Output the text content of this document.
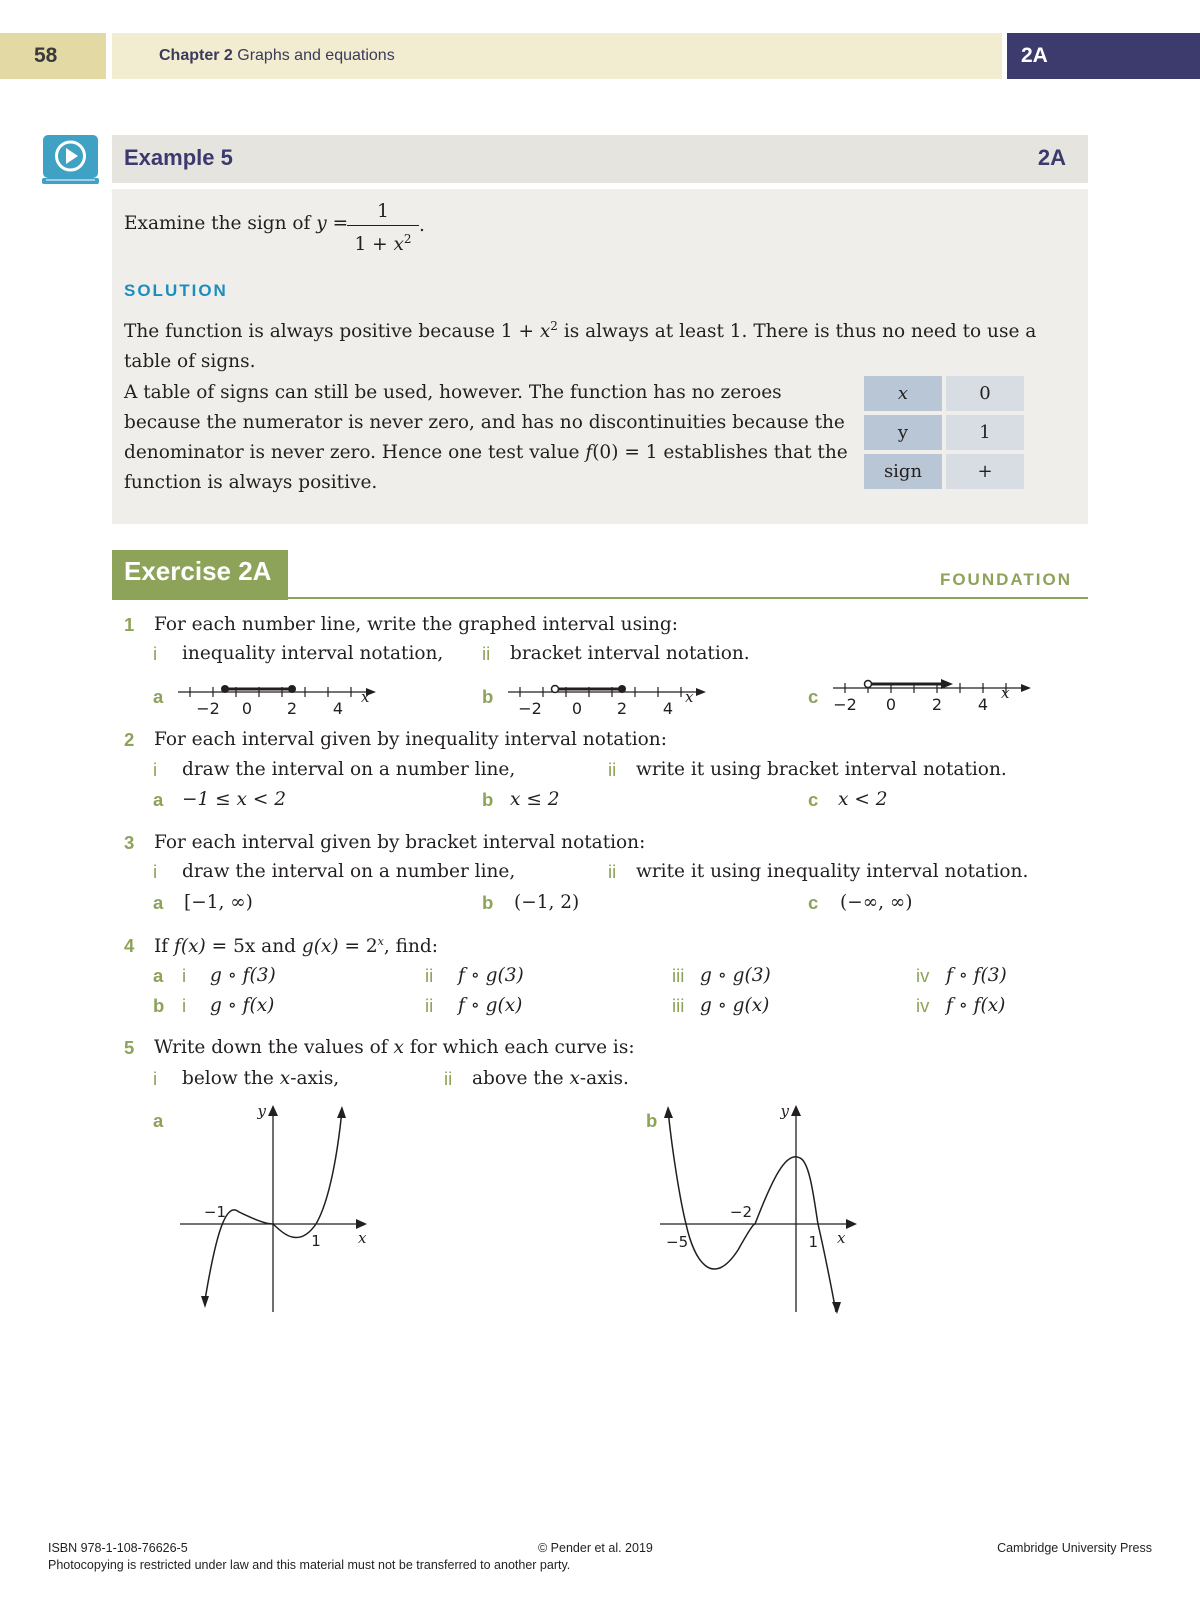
58	Chapter 2 Graphs and equations	2A
Example 5	2A
Examine the sign of y =
1
$1 + x^2$
.
SOLUTION
The function is always positive because $1 + x^2$ is always at least 1. There is thus no need to use a table of signs.
A table of signs can still be used, however. The function has no zeroes because the numerator is never zero, and has no discontinuities because the denominator is never zero. Hence one test value f(0) = 1 establishes that the function is always positive.
x	0
y	1
sign	+
Exercise 2A	FOUNDATION
1 For each number line, write the graphed interval using:
i inequality interval notation, ii bracket interval notation.
a	b	c
−2 0 2 4
x
−2 0 2 4
x	−2 0 2 4
x
2 For each interval given by inequality interval notation:
i draw the interval on a number line,	ii write it using bracket interval notation.
a −1 ≤ x < 2	b x ≤ 2	c x < 2
3 For each interval given by bracket interval notation:
i draw the interval on a number line,	ii write it using inequality interval notation.
a [−1, ∞)	b (−1, 2)	c (−∞, ∞)
4 If f(x) = 5x and $g(x) = 2^x$, find:
a i g ∘ f(3)	ii f ∘ g(3)	iii g ∘ g(3)	iv f ∘ f(3)
b i g ∘ f(x)	ii f ∘ g(x)	iii g ∘ g(x)	iv f ∘ f(x)
5 Write down the values of x for which each curve is:
i below the x-axis,	ii above the x-axis.
a	b
y
x
−1
1
y
x
−2
−5	1
ISBN 978-1-108-76626-5	© Pender et al. 2019	Cambridge University Press
Photocopying is restricted under law and this material must not be transferred to another party.
